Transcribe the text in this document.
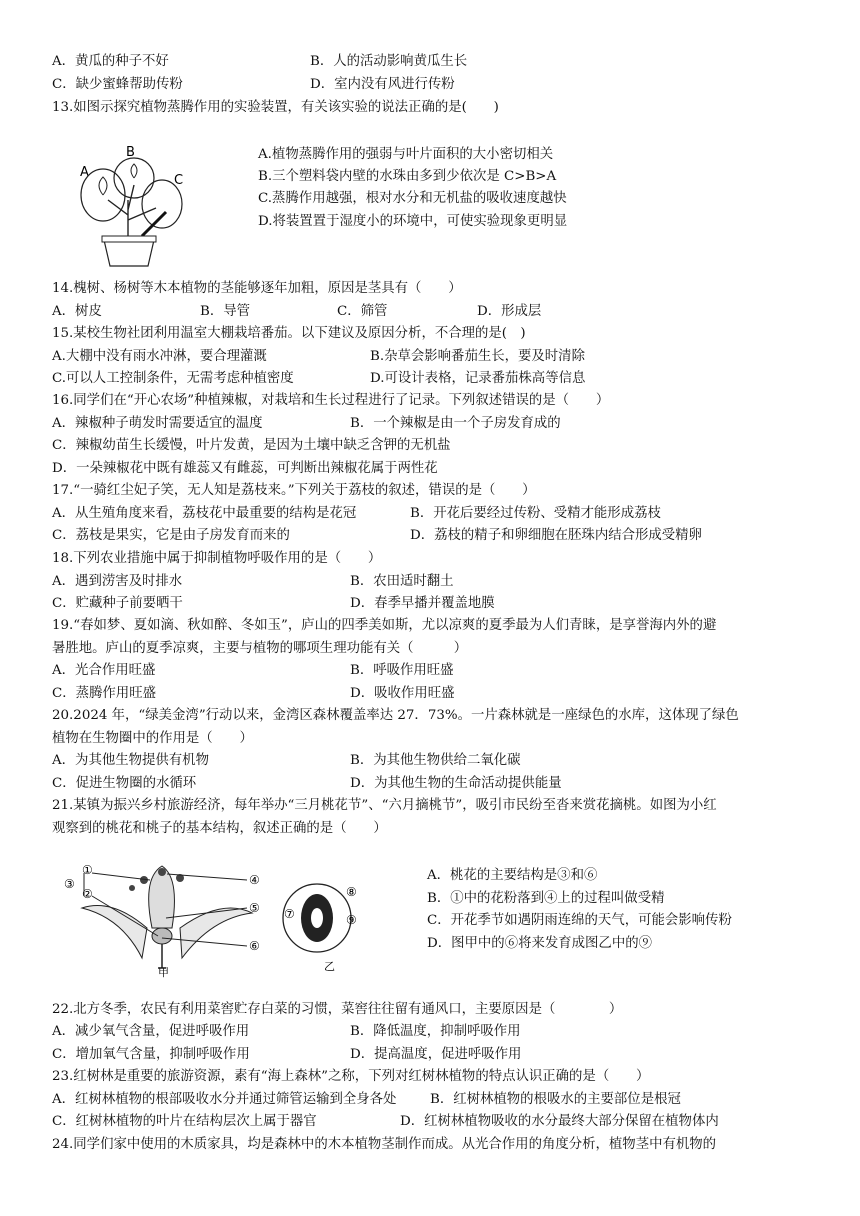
A．黄瓜的种子不好	B．人的活动影响黄瓜生长
C．缺少蜜蜂帮助传粉	D．室内没有风进行传粉
13.如图示探究植物蒸腾作用的实验装置，有关该实验的说法正确的是(　　)
A
B
C
A.植物蒸腾作用的强弱与叶片面积的大小密切相关
B.三个塑料袋内壁的水珠由多到少依次是 C>B>A
C.蒸腾作用越强，根对水分和无机盐的吸收速度越快
D.将装置置于湿度小的环境中，可使实验现象更明显
14.槐树、杨树等木本植物的茎能够逐年加粗，原因是茎具有（　　）
A．树皮	B．导管	C．筛管	D．形成层
15.某校生物社团利用温室大棚栽培番茄。以下建议及原因分析，不合理的是(　)
A.大棚中没有雨水冲淋，要合理灌溉	B.杂草会影响番茄生长，要及时清除
C.可以人工控制条件，无需考虑种植密度	D.可设计表格，记录番茄株高等信息
16.同学们在“开心农场”种植辣椒，对栽培和生长过程进行了记录。下列叙述错误的是（　　）
A．辣椒种子萌发时需要适宜的温度	B．一个辣椒是由一个子房发育成的
C．辣椒幼苗生长缓慢，叶片发黄，是因为土壤中缺乏含钾的无机盐
D．一朵辣椒花中既有雄蕊又有雌蕊，可判断出辣椒花属于两性花
17.“一骑红尘妃子笑，无人知是荔枝来。”下列关于荔枝的叙述，错误的是（　　）
A．从生殖角度来看，荔枝花中最重要的结构是花冠	B．开花后要经过传粉、受精才能形成荔枝
C．荔枝是果实，它是由子房发育而来的	D．荔枝的精子和卵细胞在胚珠内结合形成受精卵
18.下列农业措施中属于抑制植物呼吸作用的是（　　）
A．遇到涝害及时排水	B．农田适时翻土
C．贮藏种子前要晒干	D．春季早播并覆盖地膜
19.“春如梦、夏如滴、秋如醉、冬如玉”，庐山的四季美如斯，尤以凉爽的夏季最为人们青睐，是享誉海内外的避
暑胜地。庐山的夏季凉爽，主要与植物的哪项生理功能有关（　　　）
A．光合作用旺盛	B．呼吸作用旺盛
C．蒸腾作用旺盛	D．吸收作用旺盛
20.2024 年，“绿美金湾”行动以来，金湾区森林覆盖率达 27．73%。一片森林就是一座绿色的水库，这体现了绿色
植物在生物圈中的作用是（　　）
A．为其他生物提供有机物	B．为其他生物供给二氧化碳
C．促进生物圈的水循环	D．为其他生物的生命活动提供能量
21.某镇为振兴乡村旅游经济，每年举办“三月桃花节”、“六月摘桃节”，吸引市民纷至沓来赏花摘桃。如图为小红
观察到的桃花和桃子的基本结构，叙述正确的是（　　）
①
②
③	④
⑤
⑥
甲
⑦
⑧
⑨
乙
A．桃花的主要结构是③和⑥
B．①中的花粉落到④上的过程叫做受精
C．开花季节如遇阴雨连绵的天气，可能会影响传粉
D．图甲中的⑥将来发育成图乙中的⑨
22.北方冬季，农民有利用菜窖贮存白菜的习惯，菜窖往往留有通风口，主要原因是（　　　　）
A．减少氧气含量，促进呼吸作用	B．降低温度，抑制呼吸作用
C．增加氧气含量，抑制呼吸作用	D．提高温度，促进呼吸作用
23.红树林是重要的旅游资源，素有“海上森林”之称，下列对红树林植物的特点认识正确的是（　　）
A．红树林植物的根部吸收水分并通过筛管运输到全身各处	B．红树林植物的根吸水的主要部位是根冠
C．红树林植物的叶片在结构层次上属于器官	D．红树林植物吸收的水分最终大部分保留在植物体内
24.同学们家中使用的木质家具，均是森林中的木本植物茎制作而成。从光合作用的角度分析，植物茎中有机物的
